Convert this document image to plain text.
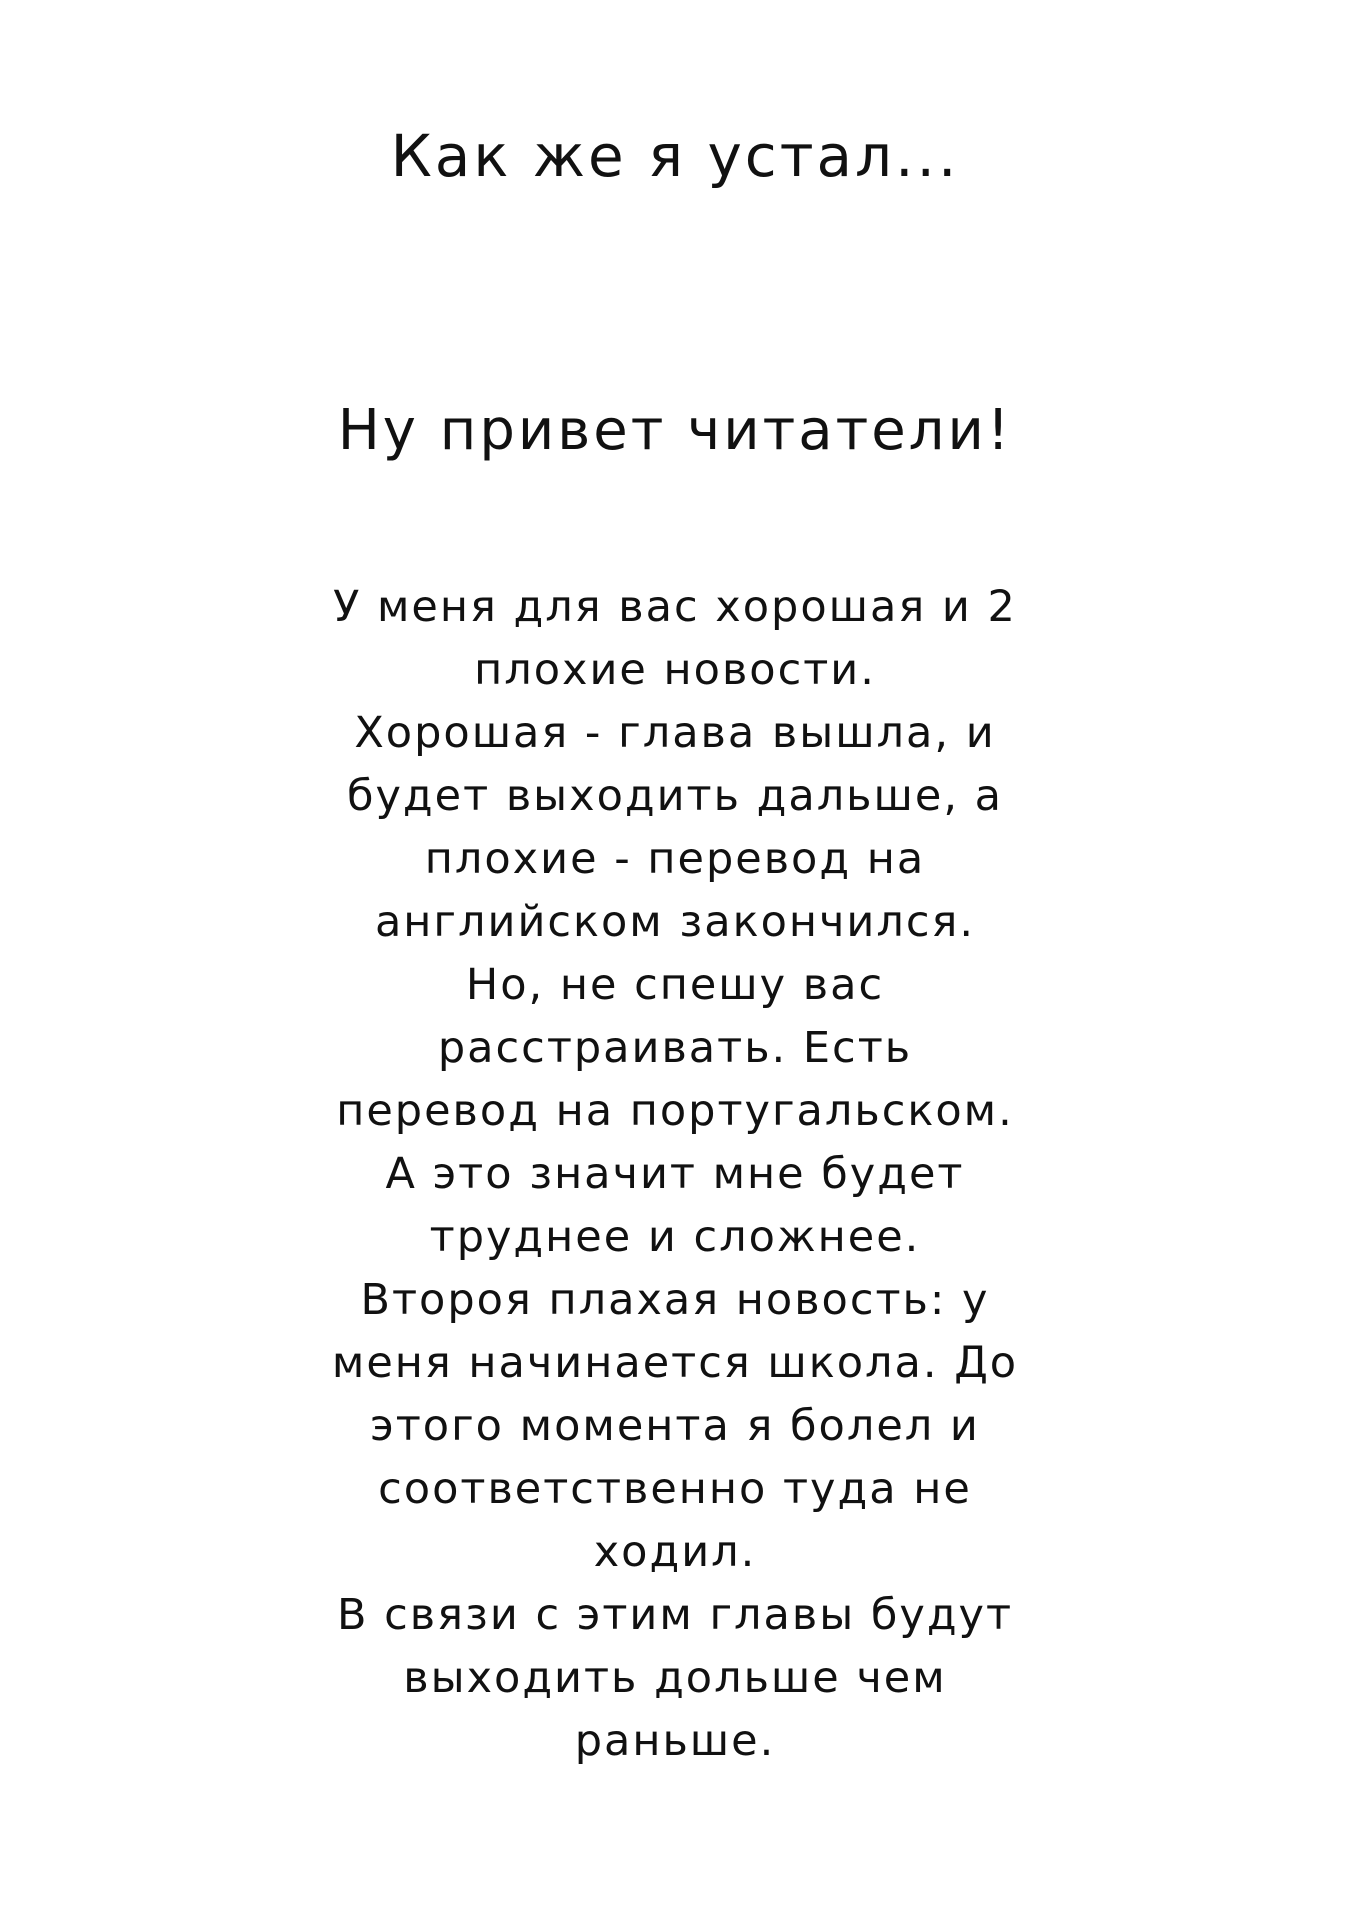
Как же я устал...
Ну привет читатели!
У меня для вас хорошая и 2
плохие новости.
Хорошая - глава вышла, и
будет выходить дальше, а
плохие - перевод на
английском закончился.
Но, не спешу вас
расстраивать. Есть
перевод на португальском.
А это значит мне будет
труднее и сложнее.
Второя плахая новость: у
меня начинается школа. До
этого момента я болел и
соответственно туда не
ходил.
В связи с этим главы будут
выходить дольше чем
раньше.
